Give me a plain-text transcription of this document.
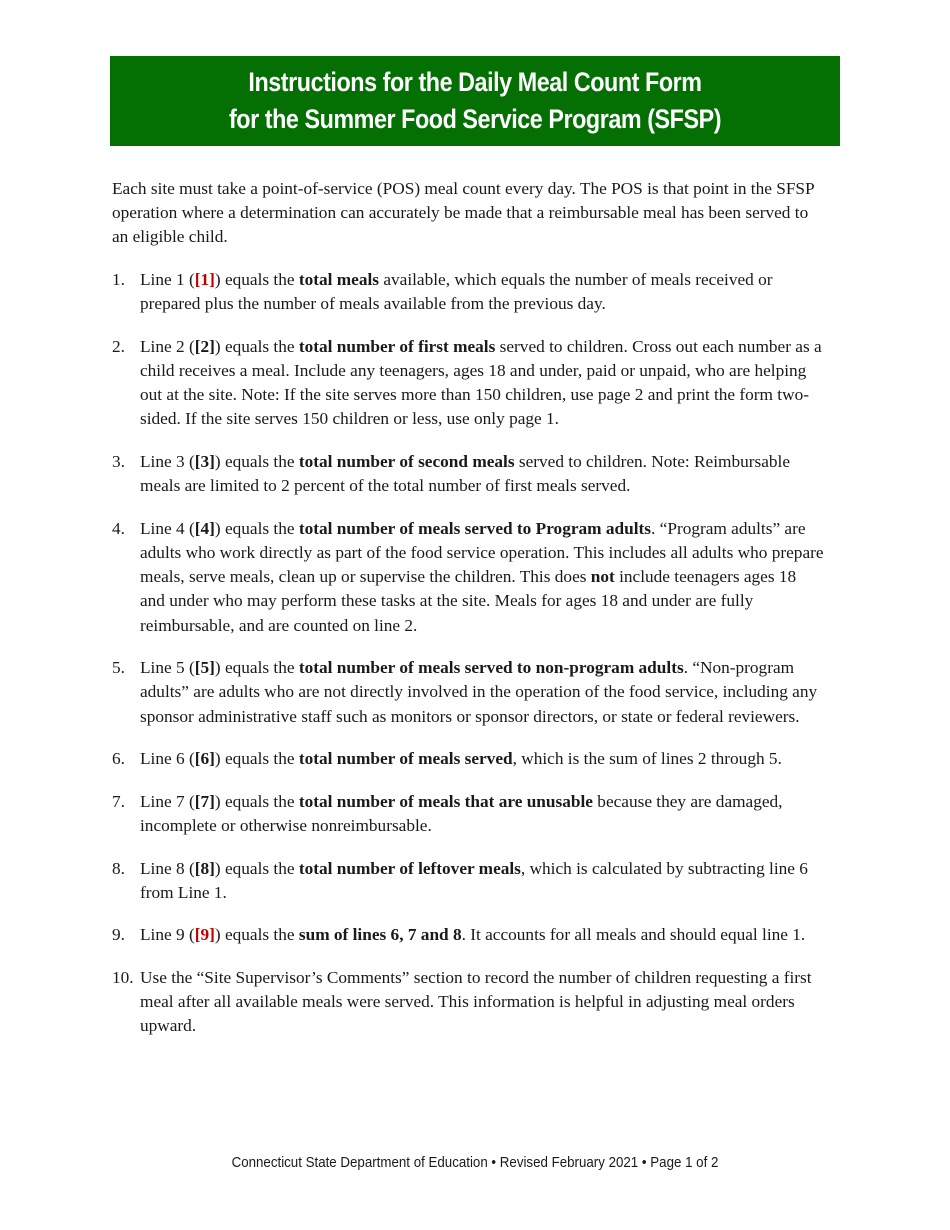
Instructions for the Daily Meal Count Form
for the Summer Food Service Program (SFSP)

Each site must take a point-of-service (POS) meal count every day. The POS is that point in the SFSP operation where a determination can accurately be made that a reimbursable meal has been served to an eligible child.

1. Line 1 ([1]) equals the total meals available, which equals the number of meals received or prepared plus the number of meals available from the previous day.
2. Line 2 ([2]) equals the total number of first meals served to children. Cross out each number as a child receives a meal. Include any teenagers, ages 18 and under, paid or unpaid, who are helping out at the site. Note: If the site serves more than 150 children, use page 2 and print the form two-sided. If the site serves 150 children or less, use only page 1.
3. Line 3 ([3]) equals the total number of second meals served to children. Note: Reimbursable meals are limited to 2 percent of the total number of first meals served.
4. Line 4 ([4]) equals the total number of meals served to Program adults. “Program adults” are adults who work directly as part of the food service operation. This includes all adults who prepare meals, serve meals, clean up or supervise the children. This does not include teenagers ages 18 and under who may perform these tasks at the site. Meals for ages 18 and under are fully reimbursable, and are counted on line 2.
5. Line 5 ([5]) equals the total number of meals served to non-program adults. “Non-program adults” are adults who are not directly involved in the operation of the food service, including any sponsor administrative staff such as monitors or sponsor directors, or state or federal reviewers.
6. Line 6 ([6]) equals the total number of meals served, which is the sum of lines 2 through 5.
7. Line 7 ([7]) equals the total number of meals that are unusable because they are damaged, incomplete or otherwise nonreimbursable.
8. Line 8 ([8]) equals the total number of leftover meals, which is calculated by subtracting line 6 from Line 1.
9. Line 9 ([9]) equals the sum of lines 6, 7 and 8. It accounts for all meals and should equal line 1.
10. Use the “Site Supervisor’s Comments” section to record the number of children requesting a first meal after all available meals were served. This information is helpful in adjusting meal orders upward.
Connecticut State Department of Education • Revised February 2021 • Page 1 of 2
